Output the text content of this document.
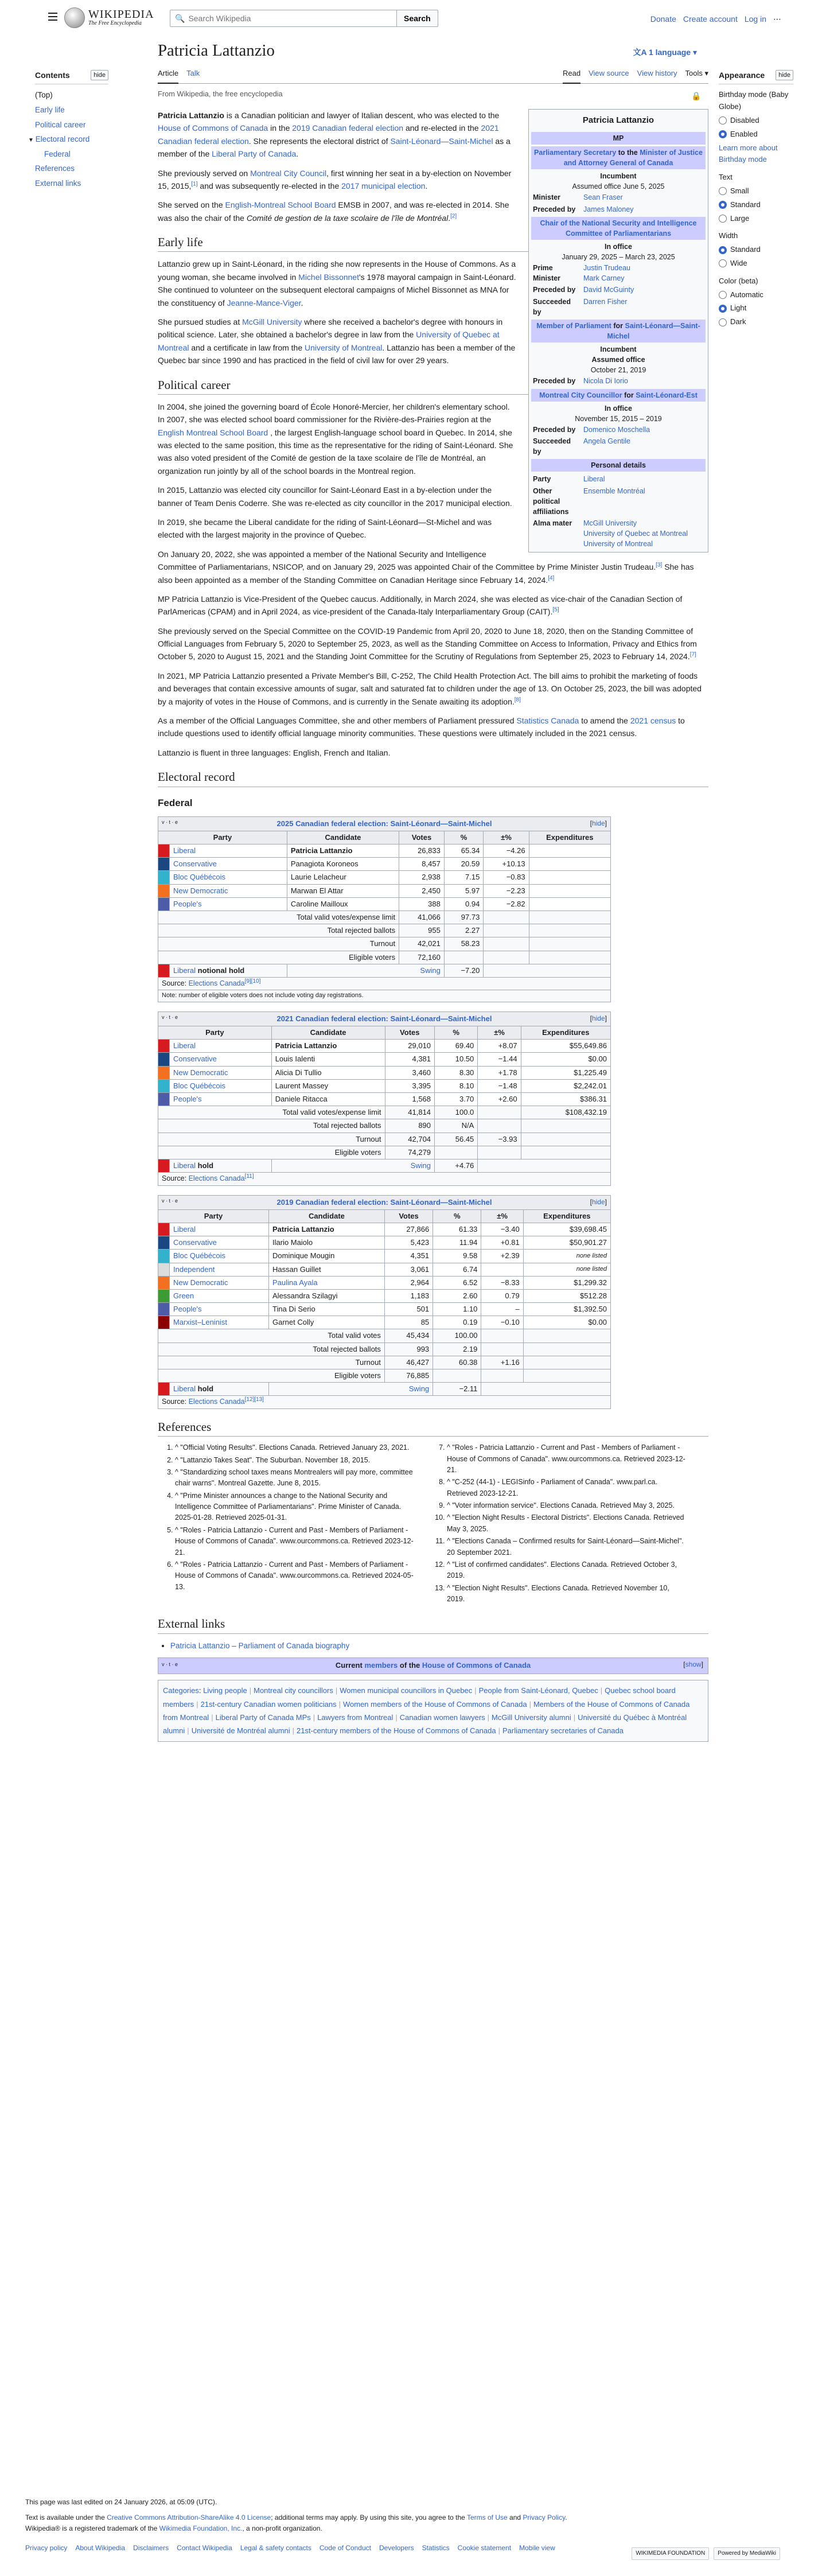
WIKIPEDIA
The Free Encyclopedia
🔍
Search Wikipedia	Search	Donate Create account Log in ⋯
Contents	hide
(Top)
Early life
Political career
▼ Electoral record
Federal
References
External links
Patricia Lattanzio	文A 1 language ▾
Article Talk	Read View source View history Tools ▾
From Wikipedia, the free encyclopedia	🔒
Appearance	hide
Birthday mode (Baby Globe)
Disabled
Enabled
Learn more about Birthday mode
Text
Small
Standard
Large
Width
Standard
Wide
Color (beta)
Automatic
Light
Dark
Patricia Lattanzio
MP
Parliamentary Secretary to the Minister of Justice and Attorney General of Canada
Incumbent
Assumed office June 5, 2025
Minister	Sean Fraser
Preceded by	James Maloney
Chair of the National Security and Intelligence Committee of Parliamentarians
In office
January 29, 2025 – March 23, 2025
Prime Minister	Justin Trudeau
Mark Carney
Preceded by	David McGuinty
Succeeded by	Darren Fisher
Member of Parliament for Saint-Léonard—Saint-Michel
Incumbent
Assumed office
October 21, 2019
Preceded by	Nicola Di Iorio
Montreal City Councillor for Saint-Léonard-Est
In office
November 15, 2015 – 2019
Preceded by	Domenico Moschella
Succeeded by	Angela Gentile
Personal details
Party	Liberal
Other political affiliations	Ensemble Montréal
Alma mater	McGill University
University of Quebec at Montreal University of Montreal

Patricia Lattanzio is a Canadian politician and lawyer of Italian descent, who was elected to the House of Commons of Canada in the 2019 Canadian federal election and re-elected in the 2021 Canadian federal election. She represents the electoral district of Saint-Léonard—Saint-Michel as a member of the Liberal Party of Canada.

She previously served on Montreal City Council, first winning her seat in a by-election on November 15, 2015,[1] and was subsequently re-elected in the 2017 municipal election.

She served on the English-Montreal School Board EMSB in 2007, and was re-elected in 2014. She was also the chair of the Comité de gestion de la taxe scolaire de l'île de Montréal.[2]

Early life

Lattanzio grew up in Saint-Léonard, in the riding she now represents in the House of Commons. As a young woman, she became involved in Michel Bissonnet's 1978 mayoral campaign in Saint-Léonard. She continued to volunteer on the subsequent electoral campaigns of Michel Bissonnet as MNA for the constituency of Jeanne-Mance-Viger.

She pursued studies at McGill University where she received a bachelor's degree with honours in political science. Later, she obtained a bachelor's degree in law from the University of Quebec at Montreal and a certificate in law from the University of Montreal. Lattanzio has been a member of the Quebec bar since 1990 and has practiced in the field of civil law for over 29 years.

Political career

In 2004, she joined the governing board of École Honoré-Mercier, her children's elementary school. In 2007, she was elected school board commissioner for the Rivière-des-Prairies region at the English Montreal School Board , the largest English-language school board in Quebec. In 2014, she was elected to the same position, this time as the representative for the riding of Saint-Léonard. She was also voted president of the Comité de gestion de la taxe scolaire de l'île de Montréal, an organization run jointly by all of the school boards in the Montreal region.

In 2015, Lattanzio was elected city councillor for Saint-Léonard East in a by-election under the banner of Team Denis Coderre. She was re-elected as city councillor in the 2017 municipal election.

In 2019, she became the Liberal candidate for the riding of Saint-Léonard—St-Michel and was elected with the largest majority in the province of Quebec.

On January 20, 2022, she was appointed a member of the National Security and Intelligence Committee of Parliamentarians, NSICOP, and on January 29, 2025 was appointed Chair of the Committee by Prime Minister Justin Trudeau.[3] She has also been appointed as a member of the Standing Committee on Canadian Heritage since February 14, 2024.[4]

MP Patricia Lattanzio is Vice-President of the Quebec caucus. Additionally, in March 2024, she was elected as vice-chair of the Canadian Section of ParlAmericas (CPAM) and in April 2024, as vice-president of the Canada-Italy Interparliamentary Group (CAIT).[5]

She previously served on the Special Committee on the COVID-19 Pandemic from April 20, 2020 to June 18, 2020, then on the Standing Committee of Official Languages from February 5, 2020 to September 25, 2023, as well as the Standing Committee on Access to Information, Privacy and Ethics from October 5, 2020 to August 15, 2021 and the Standing Joint Committee for the Scrutiny of Regulations from September 25, 2023 to February 14, 2024.[7]

In 2021, MP Patricia Lattanzio presented a Private Member's Bill, C-252, The Child Health Protection Act. The bill aims to prohibit the marketing of foods and beverages that contain excessive amounts of sugar, salt and saturated fat to children under the age of 13. On October 25, 2023, the bill was adopted by a majority of votes in the House of Commons, and is currently in the Senate awaiting its adoption.[8]

As a member of the Official Languages Committee, she and other members of Parliament pressured Statistics Canada to amend the 2021 census to include questions used to identify official language minority communities. These questions were ultimately included in the 2021 census.

Lattanzio is fluent in three languages: English, French and Italian.

Electoral record
Federal
v · t · e 2025 Canadian federal election: Saint-Léonard—Saint-Michel [hide]						

Party		Candidate	Votes	%	±%	Expenditures
	Liberal	Patricia Lattanzio	26,833	65.34	−4.26	
	Conservative	Panagiota Koroneos	8,457	20.59	+10.13	
	Bloc Québécois	Laurie Lelacheur	2,938	7.15	−0.83	
	New Democratic	Marwan El Attar	2,450	5.97	−2.23	
	People's	Caroline Mailloux	388	0.94	−2.82	
Total valid votes/expense limit			41,066	97.73		
Total rejected ballots			955	2.27		
Turnout			42,021	58.23		
Eligible voters			72,160			
	Liberal notional hold	Swing		−7.20		
Source: Elections Canada[9][10]
Note: number of eligible voters does not include voting day registrations.						
v · t · e 2021 Canadian federal election: Saint-Léonard—Saint-Michel [hide]						

Party		Candidate	Votes	%	±%	Expenditures
	Liberal	Patricia Lattanzio	29,010	69.40	+8.07	$55,649.86
	Conservative	Louis Ialenti	4,381	10.50	−1.44	$0.00
	New Democratic	Alicia Di Tullio	3,460	8.30	+1.78	$1,225.49
	Bloc Québécois	Laurent Massey	3,395	8.10	−1.48	$2,242.01
	People's	Daniele Ritacca	1,568	3.70	+2.60	$386.31
Total valid votes/expense limit			41,814	100.0		$108,432.19
Total rejected ballots			890	N/A		
Turnout			42,704	56.45	−3.93	
Eligible voters			74,279			
	Liberal hold	Swing		+4.76		
Source: Elections Canada[11]
v · t · e 2019 Canadian federal election: Saint-Léonard—Saint-Michel [hide]						

Party		Candidate	Votes	%	±%	Expenditures
	Liberal	Patricia Lattanzio	27,866	61.33	−3.40	$39,698.45
	Conservative	Ilario Maiolo	5,423	11.94	+0.81	$50,901.27
	Bloc Québécois	Dominique Mougin	4,351	9.58	+2.39	none listed
	Independent	Hassan Guillet	3,061	6.74		none listed
	New Democratic	Paulina Ayala	2,964	6.52	−8.33	$1,299.32
	Green	Alessandra Szilagyi	1,183	2.60	0.79	$512.28
	People's	Tina Di Serio	501	1.10	–	$1,392.50
	Marxist–Leninist	Garnet Colly	85	0.19	−0.10	$0.00
Total valid votes			45,434	100.00		
Total rejected ballots			993	2.19		
Turnout			46,427	60.38	+1.16	
Eligible voters			76,885			
	Liberal hold	Swing		−2.11		
Source: Elections Canada[12][13]
References
1. ^ "Official Voting Results". Elections Canada. Retrieved January 23, 2021.
2. ^ "Lattanzio Takes Seat". The Suburban. November 18, 2015.
3. ^ "Standardizing school taxes means Montrealers will pay more, committee chair warns". Montreal Gazette. June 8, 2015.
4. ^ "Prime Minister announces a change to the National Security and Intelligence Committee of Parliamentarians". Prime Minister of Canada. 2025-01-28. Retrieved 2025-01-31.
5. ^ "Roles - Patricia Lattanzio - Current and Past - Members of Parliament - House of Commons of Canada". www.ourcommons.ca. Retrieved 2023-12-21.
6. ^ "Roles - Patricia Lattanzio - Current and Past - Members of Parliament - House of Commons of Canada". www.ourcommons.ca. Retrieved 2024-05-13.
7. ^ "Roles - Patricia Lattanzio - Current and Past - Members of Parliament - House of Commons of Canada". www.ourcommons.ca. Retrieved 2023-12-21.
8. ^ "C-252 (44-1) - LEGISinfo - Parliament of Canada". www.parl.ca. Retrieved 2023-12-21.
9. ^ "Voter information service". Elections Canada. Retrieved May 3, 2025.
10. ^ "Election Night Results - Electoral Districts". Elections Canada. Retrieved May 3, 2025.
11. ^ "Elections Canada – Confirmed results for Saint-Léonard—Saint-Michel". 20 September 2021.
12. ^ "List of confirmed candidates". Elections Canada. Retrieved October 3, 2019.
13. ^ "Election Night Results". Elections Canada. Retrieved November 10, 2019.
External links
• Patricia Lattanzio – Parliament of Canada biography
v · t · e	Current members of the House of Commons of Canada	[show]
Categories: Living people | Montreal city councillors | Women municipal councillors in Quebec | People from Saint-Léonard, Quebec | Quebec school board members | 21st-century Canadian women politicians | Women members of the House of Commons of Canada | Members of the House of Commons of Canada from Montreal | Liberal Party of Canada MPs | Lawyers from Montreal | Canadian women lawyers | McGill University alumni | Université du Québec à Montréal alumni | Université de Montréal alumni | 21st-century members of the House of Commons of Canada | Parliamentary secretaries of Canada
This page was last edited on 24 January 2026, at 05:09 (UTC).
Text is available under the Creative Commons Attribution-ShareAlike 4.0 License; additional terms may apply. By using this site, you agree to the Terms of Use and Privacy Policy. Wikipedia® is a registered trademark of the Wikimedia Foundation, Inc., a non-profit organization.
Privacy policy About Wikipedia Disclaimers Contact Wikipedia Legal & safety contacts Code of Conduct Developers Statistics Cookie statement Mobile view
WIKIMEDIA FOUNDATION	Powered by MediaWiki
